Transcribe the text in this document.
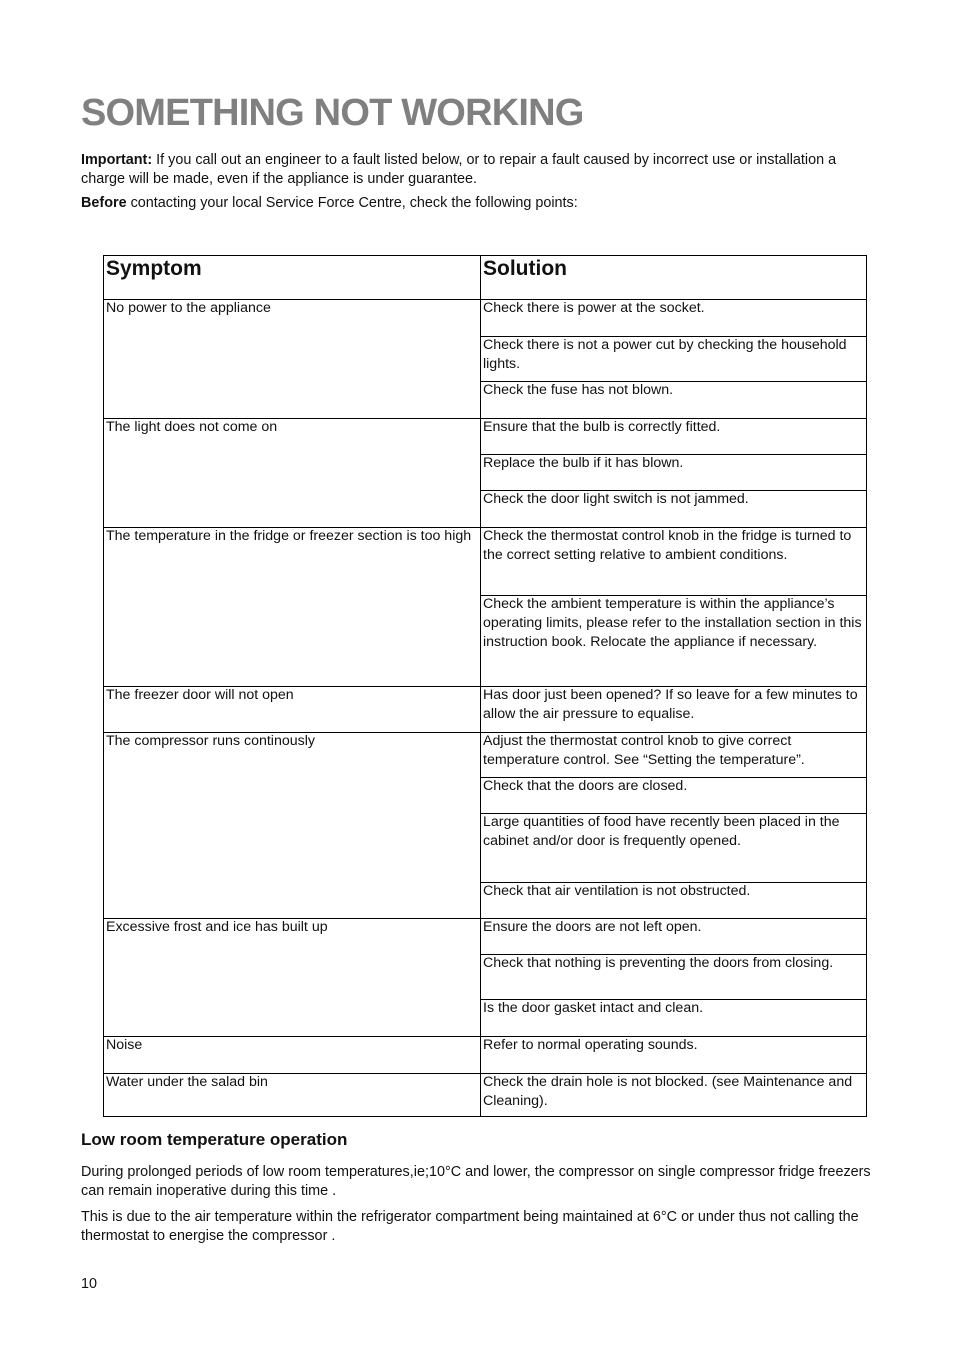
SOMETHING NOT WORKING

Important: If you call out an engineer to a fault listed below, or to repair a fault caused by incorrect use or installation a charge will be made, even if the appliance is under guarantee.

Before contacting your local Service Force Centre, check the following points:

Symptom	Solution
No power to the appliance
The light does not come on
The temperature in the fridge or freezer section is too high
The freezer door will not open
The compressor runs continously
Excessive frost and ice has built up
Noise
Water under the salad bin
Check there is power at the socket.
Check there is not a power cut by checking the household lights.
Check the fuse has not blown.
Ensure that the bulb is correctly fitted.
Replace the bulb if it has blown.
Check the door light switch is not jammed.
Check the thermostat control knob in the fridge is turned to the correct setting relative to ambient conditions.
Check the ambient temperature is within the appliance’s operating limits, please refer to the installation section in this instruction book. Relocate the appliance if necessary.
Has door just been opened? If so leave for a few minutes to allow the air pressure to equalise.
Adjust the thermostat control knob to give correct temperature control. See “Setting the temperature”.
Check that the doors are closed.
Large quantities of food have recently been placed in the cabinet and/or door is frequently opened.
Check that air ventilation is not obstructed.
Ensure the doors are not left open.
Check that nothing is preventing the doors from closing.
Is the door gasket intact and clean.
Refer to normal operating sounds.
Check the drain hole is not blocked. (see Maintenance and Cleaning).
Low room temperature operation

During prolonged periods of low room temperatures,ie;10°C and lower, the compressor on single compressor fridge freezers can remain inoperative during this time .

This is due to the air temperature within the refrigerator compartment being maintained at 6°C or under thus not calling the thermostat to energise the compressor .

10
